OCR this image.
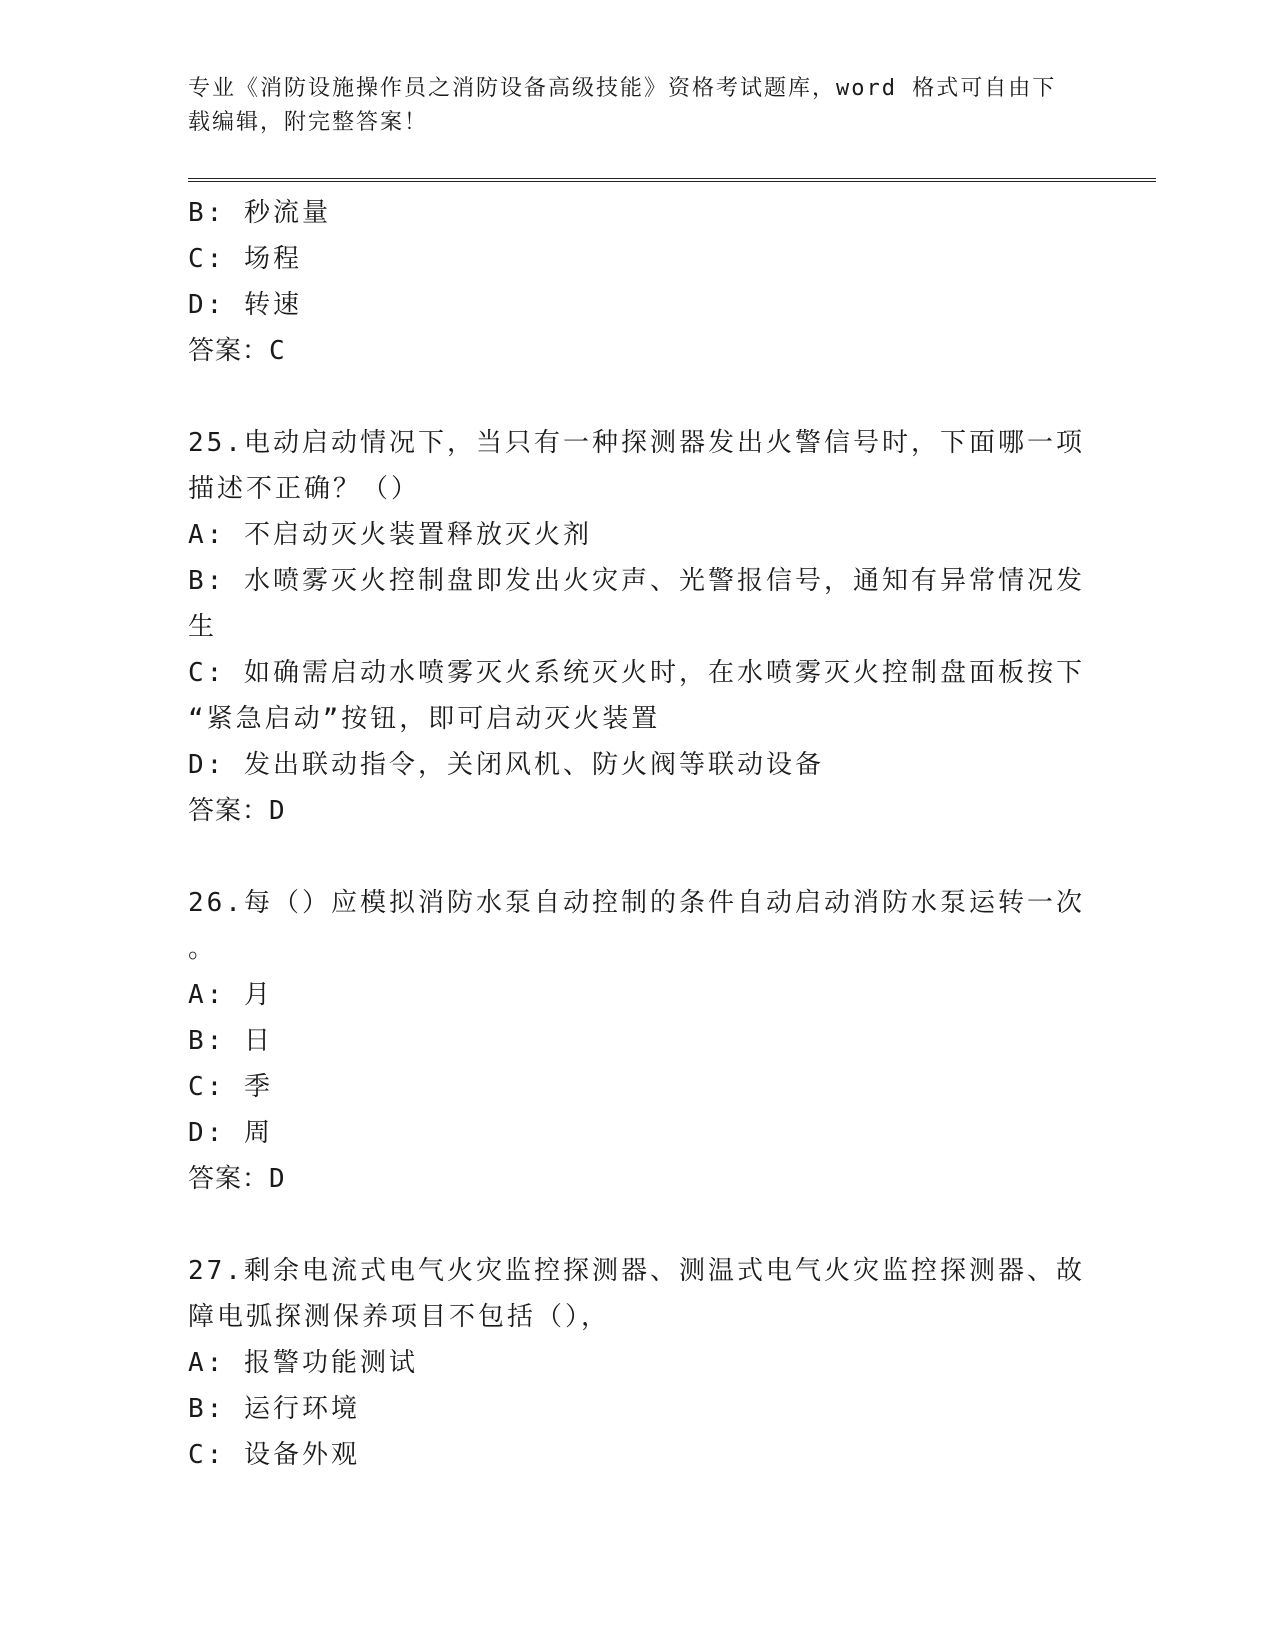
专业《消防设施操作员之消防设备高级技能》资格考试题库，word 格式可自由下
载编辑，附完整答案！
B: 秒流量
C: 场程
D: 转速
答案：C
25.电动启动情况下，当只有一种探测器发出火警信号时，下面哪一项
描述不正确？（）
A: 不启动灭火装置释放灭火剂
B: 水喷雾灭火控制盘即发出火灾声、光警报信号，通知有异常情况发
生
C: 如确需启动水喷雾灭火系统灭火时，在水喷雾灭火控制盘面板按下
“紧急启动”按钮，即可启动灭火装置
D: 发出联动指令，关闭风机、防火阀等联动设备
答案：D
26.每（）应模拟消防水泵自动控制的条件自动启动消防水泵运转一次
。
A: 月
B: 日
C: 季
D: 周
答案：D
27.剩余电流式电气火灾监控探测器、测温式电气火灾监控探测器、故
障电弧探测保养项目不包括（），
A: 报警功能测试
B: 运行环境
C: 设备外观
